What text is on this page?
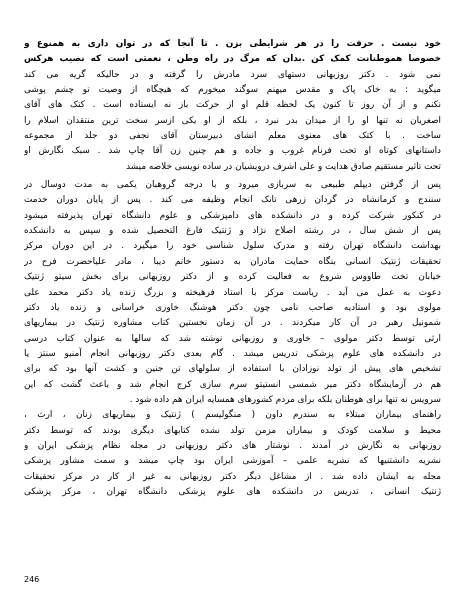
خود نیست . حرفت را در هر شرایطی بزن . تا آنجا که در توان داری به همنوع و
خصوصا هموطنانت کمک کن .بدان که مرگ در راه وطن ، نعمتی است که نصیب هرکس
نمی شود . دکتر روزبهانی دستهای سرد مادرش را گرفته و در حالیکه گریه می کند
میگوید : به خاک پاک و مقدس میهنم سوگند میخورم که هیچگاه از وصیت تو چشم پوشی
نکنم و از آن روز تا کنون یک لحظه قلم او از حرکت باز نه ایستاده است . کتک های آقای
اصغریان نه تنها او را از میدان بدر نبرد ، بلکه از او یکی ازسر سخت ترین منتقدان اسلام را
ساخت . با کتک های معنوی معلم انشای دبیرستان آقای نجفی دو جلد از مجموعه
داستانهای کوتاه او تحت فرنام غروب و جاده و هم چنین زن آقا چاپ شد . سبک نگارش او
تحت تاثیر مستقیم صادق هدایت و علی اشرف درویشیان در ساده نویسی خلاصه میشد
پس از گرفتن دیپلم طبیعی به سربازی میرود و با درجه گروهبان یکمی به مدت دوسال در
سنندج و کرمانشاه در گردان زرهی تانک انجام وظیفه می کند . پس از پایان دوران خدمت
در کنکور شرکت کرده و در دانشکده های دامپزشکی و علوم دانشگاه تهران پذیرفته میشود
پس از شش سال ، در رشته اصلاح نژاد و ژنتیک فارغ التحصیل شده و سپس به دانشکده
بهداشت دانشگاه تهران رفته و مدرک سلول شناسی خود را میگیرد . در این دوران مرکز
تحقیقات ژنتیک انسانی بنگاه حمایت مادران به دستور خانم دیبا ، مادر علیاحضرت فرح در
خیابان تخت طاووس شروع به فعالیت کرده و از دکتر روزبهانی برای بخش سیتو ژنتیک
دعوت به عمل می آید . ریاست مرکز با استاد فرهیخته و بزرگ زنده یاد دکتر محمد علی
مولوی بود و استادیه صاحب نامی چون دکتر هوشنگ خاوری خراسانی و زنده یاد دکتر
شمونیل رهبر در آن کار میکردند . در آن زمان نخستین کتاب مشاوره ژنتیک در بیماریهای
ارثی توسط دکتر مولوی – خاوری و روزبهانی نوشته شد که سالها به عنوان کتاب درسی
در دانشکده های علوم پزشکی تدریس میشد . گام بعدی دکتر روزبهانی انجام آمنیو سنتز یا
تشخیص های پیش از تولد نوزادان با استفاده از سلولهای تن جنین و کشت آنها بود که برای
هم در آزمایشگاه دکتر میر شمسی انستیتو سرم سازی کرج انجام شد و باعث گشت که این
سرویس نه تنها برای هوطنان بلکه برای مردم کشورهای همسایه ایران هم داده شود .
راهنمای بیماران مبتلاء به سندرم داون ( منگولیسم ) ژنتیک و بیماریهای زنان ، ارث ،
محیط و سلامت کودک و بیماران مزمن تولد نشده کتابهای دیگری بودند که توسط دکتر
روزبهانی به نگارش در آمدند . نوشتار های دکتر روزبهانی در مجله نظام پزشکی ایران و
نشریه دانشتنیها که نشریه علمی – آموزشی ایران بود چاپ میشد و سمت مشاور پزشکی
مجله به ایشان داده شد . از مشاغل دیگر دکتر روزبهانی به غیر از کار در مرکز تحقیقات
ژنتیک انسانی ، تدریس در دانشکده های علوم پزشکی دانشگاه تهران ، مرکز پزشکی
246
